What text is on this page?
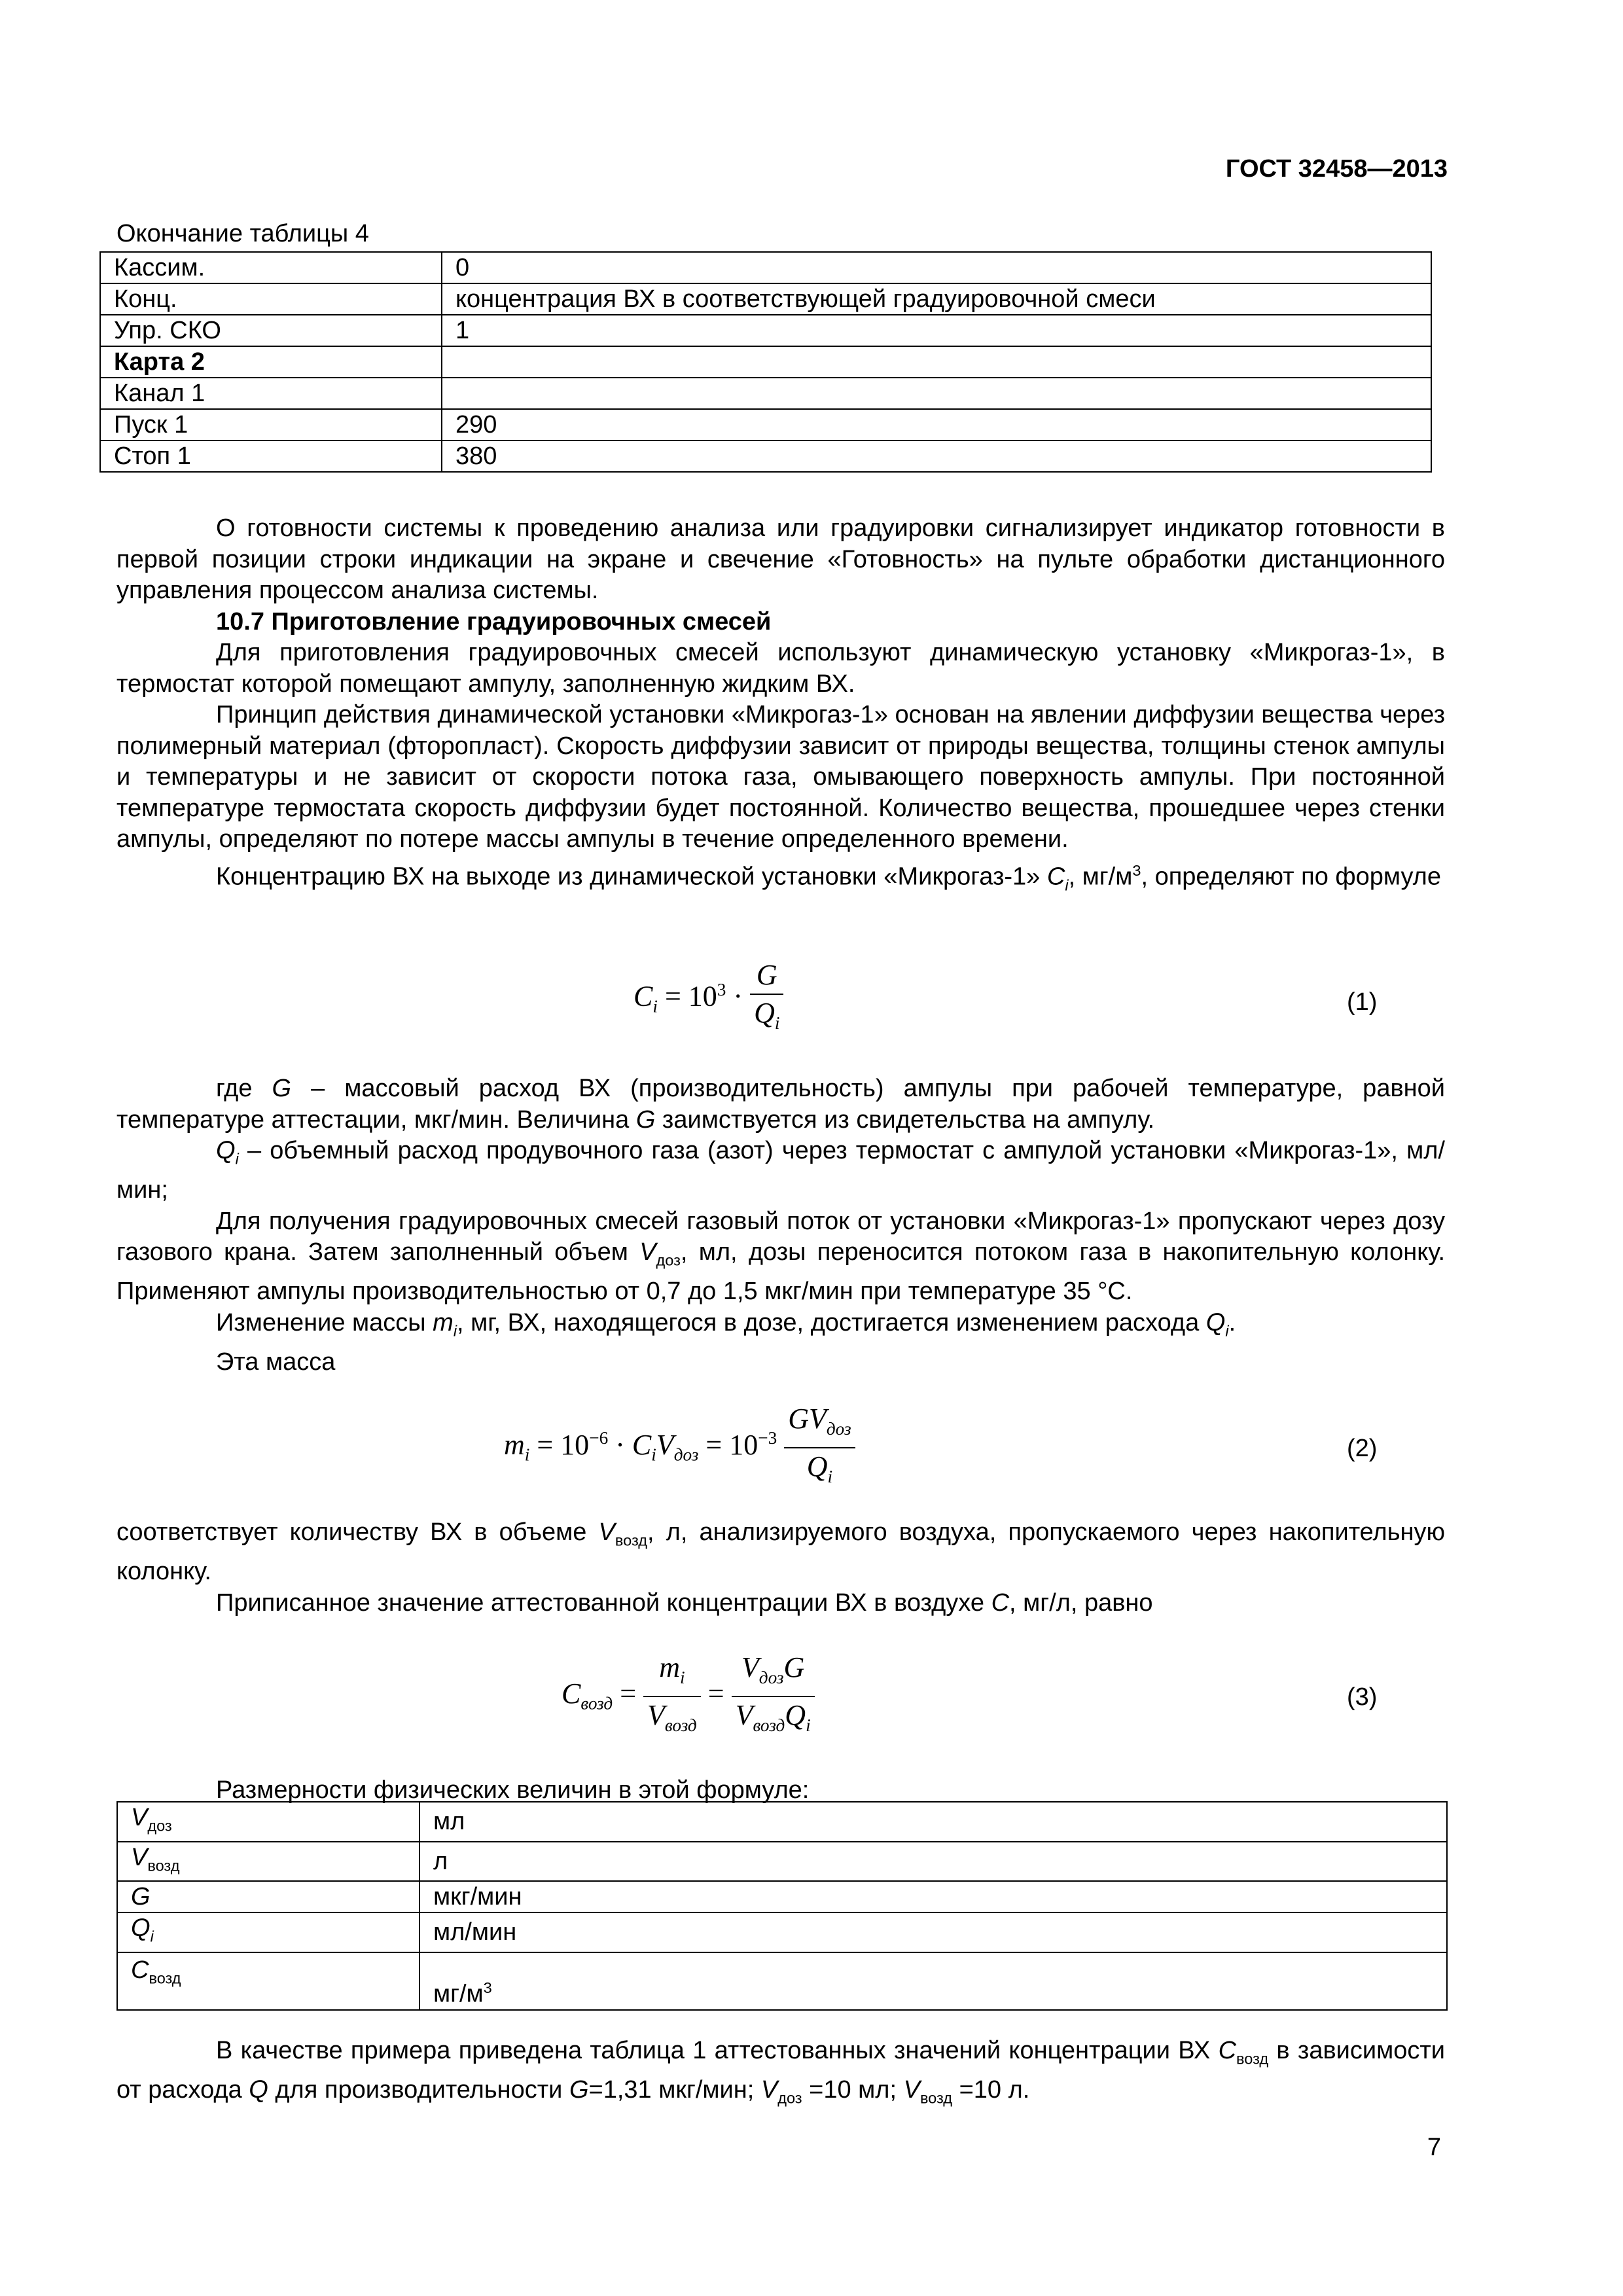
ГОСТ 32458—2013
Окончание таблицы 4
Кассим.	0
Конц.	концентрация ВХ в соответствующей градуировочной смеси
Упр. СКО	1
Карта 2	
Канал 1	
Пуск 1	290
Стоп 1	380

О готовности системы к проведению анализа или градуировки сигнализирует индикатор готовности в первой позиции строки индикации на экране и свечение «Готовность» на пульте обработки дистанционного управления процессом анализа системы.

10.7 Приготовление градуировочных смесей

Для приготовления градуировочных смесей используют динамическую установку «Микрогаз-1», в термостат которой помещают ампулу, заполненную жидким ВХ.

Принцип действия динамической установки «Микрогаз-1» основан на явлении диффузии вещества через полимерный материал (фторопласт). Скорость диффузии зависит от природы вещества, толщины стенок ампулы и температуры и не зависит от скорости потока газа, омывающего поверхность ампулы. При постоянной температуре термостата скорость диффузии будет постоянной. Количество вещества, прошедшее через стенки ампулы, определяют по потере массы ампулы в течение определенного времени.

Концентрацию ВХ на выходе из динамической установки «Микрогаз-1» $C_i$, $мг/м^3$, определяют по формуле

$C_i = 10^3 \cdot \frac{G}{Q_i}$	(1)

где G – массовый расход ВХ (производительность) ампулы при рабочей температуре, равной температуре аттестации, мкг/мин. Величина G заимствуется из свидетельства на ампулу.

$Q_i$ – объемный расход продувочного газа (азот) через термостат с ампулой установки «Микрогаз-1», мл/мин;

Для получения градуировочных смесей газовый поток от установки «Микрогаз-1» пропускают через дозу газового крана. Затем заполненный объем $V_{доз}$, мл, дозы переносится потоком газа в накопительную колонку. Применяют ампулы производительностью от 0,7 до 1,5 мкг/мин при температуре 35 °С.

Изменение массы $m_i$, мг, ВХ, находящегося в дозе, достигается изменением расхода $Q_i$.

Эта масса

$m_i = 10^{-6} \cdot C_iV_{доз} = 10^{-3} \frac{GV_{доз}}{Q_i}$	(2)

соответствует количеству ВХ в объеме $V_{возд}$, л, анализируемого воздуха, пропускаемого через накопительную колонку.

Приписанное значение аттестованной концентрации ВХ в воздухе C, мг/л, равно

$C_{возд} = \frac{m_i}{V_{возд}} = \frac{V_{доз}G}{V_{возд}Q_i}$	(3)
Размерности физических величин в этой формуле:
$V_{доз}$	мл
$V_{возд}$	л
G	мкг/мин
$Q_i$	мл/мин
$C_{возд}$	$мг/м^3$

В качестве примера приведена таблица 1 аттестованных значений концентрации ВХ $C_{возд}$ в зависимости от расхода Q для производительности G=1,31 мкг/мин; $V_{доз} =10$ мл; $V_{возд} =10$ л.

7
